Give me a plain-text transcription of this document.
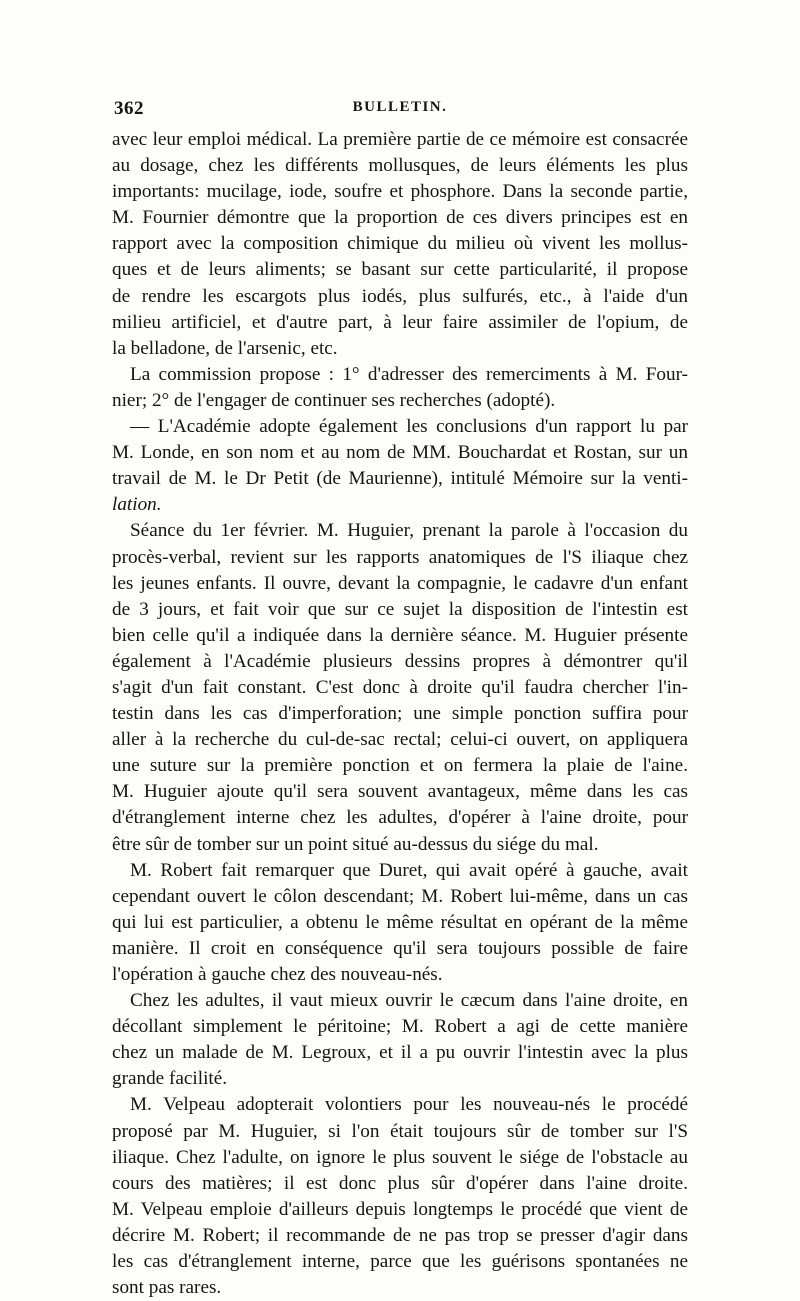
362	BULLETIN.
avec leur emploi médical. La première partie de ce mémoire est consacrée
au dosage, chez les différents mollusques, de leurs éléments les plus
importants: mucilage, iode, soufre et phosphore. Dans la seconde partie,
M. Fournier démontre que la proportion de ces divers principes est en
rapport avec la composition chimique du milieu où vivent les mollus-
ques et de leurs aliments; se basant sur cette particularité, il propose
de rendre les escargots plus iodés, plus sulfurés, etc., à l'aide d'un
milieu artificiel, et d'autre part, à leur faire assimiler de l'opium, de
la belladone, de l'arsenic, etc.
La commission propose : 1° d'adresser des remerciments à M. Four-
nier; 2° de l'engager de continuer ses recherches (adopté).
— L'Académie adopte également les conclusions d'un rapport lu par
M. Londe, en son nom et au nom de MM. Bouchardat et Rostan, sur un
travail de M. le Dr Petit (de Maurienne), intitulé Mémoire sur la venti-
lation.
Séance du 1er février. M. Huguier, prenant la parole à l'occasion du
procès-verbal, revient sur les rapports anatomiques de l'S iliaque chez
les jeunes enfants. Il ouvre, devant la compagnie, le cadavre d'un enfant
de 3 jours, et fait voir que sur ce sujet la disposition de l'intestin est
bien celle qu'il a indiquée dans la dernière séance. M. Huguier présente
également à l'Académie plusieurs dessins propres à démontrer qu'il
s'agit d'un fait constant. C'est donc à droite qu'il faudra chercher l'in-
testin dans les cas d'imperforation; une simple ponction suffira pour
aller à la recherche du cul-de-sac rectal; celui-ci ouvert, on appliquera
une suture sur la première ponction et on fermera la plaie de l'aine.
M. Huguier ajoute qu'il sera souvent avantageux, même dans les cas
d'étranglement interne chez les adultes, d'opérer à l'aine droite, pour
être sûr de tomber sur un point situé au-dessus du siége du mal.
M. Robert fait remarquer que Duret, qui avait opéré à gauche, avait
cependant ouvert le côlon descendant; M. Robert lui-même, dans un cas
qui lui est particulier, a obtenu le même résultat en opérant de la même
manière. Il croit en conséquence qu'il sera toujours possible de faire
l'opération à gauche chez des nouveau-nés.
Chez les adultes, il vaut mieux ouvrir le cæcum dans l'aine droite, en
décollant simplement le péritoine; M. Robert a agi de cette manière
chez un malade de M. Legroux, et il a pu ouvrir l'intestin avec la plus
grande facilité.
M. Velpeau adopterait volontiers pour les nouveau-nés le procédé
proposé par M. Huguier, si l'on était toujours sûr de tomber sur l'S
iliaque. Chez l'adulte, on ignore le plus souvent le siége de l'obstacle au
cours des matières; il est donc plus sûr d'opérer dans l'aine droite.
M. Velpeau emploie d'ailleurs depuis longtemps le procédé que vient de
décrire M. Robert; il recommande de ne pas trop se presser d'agir dans
les cas d'étranglement interne, parce que les guérisons spontanées ne
sont pas rares.
